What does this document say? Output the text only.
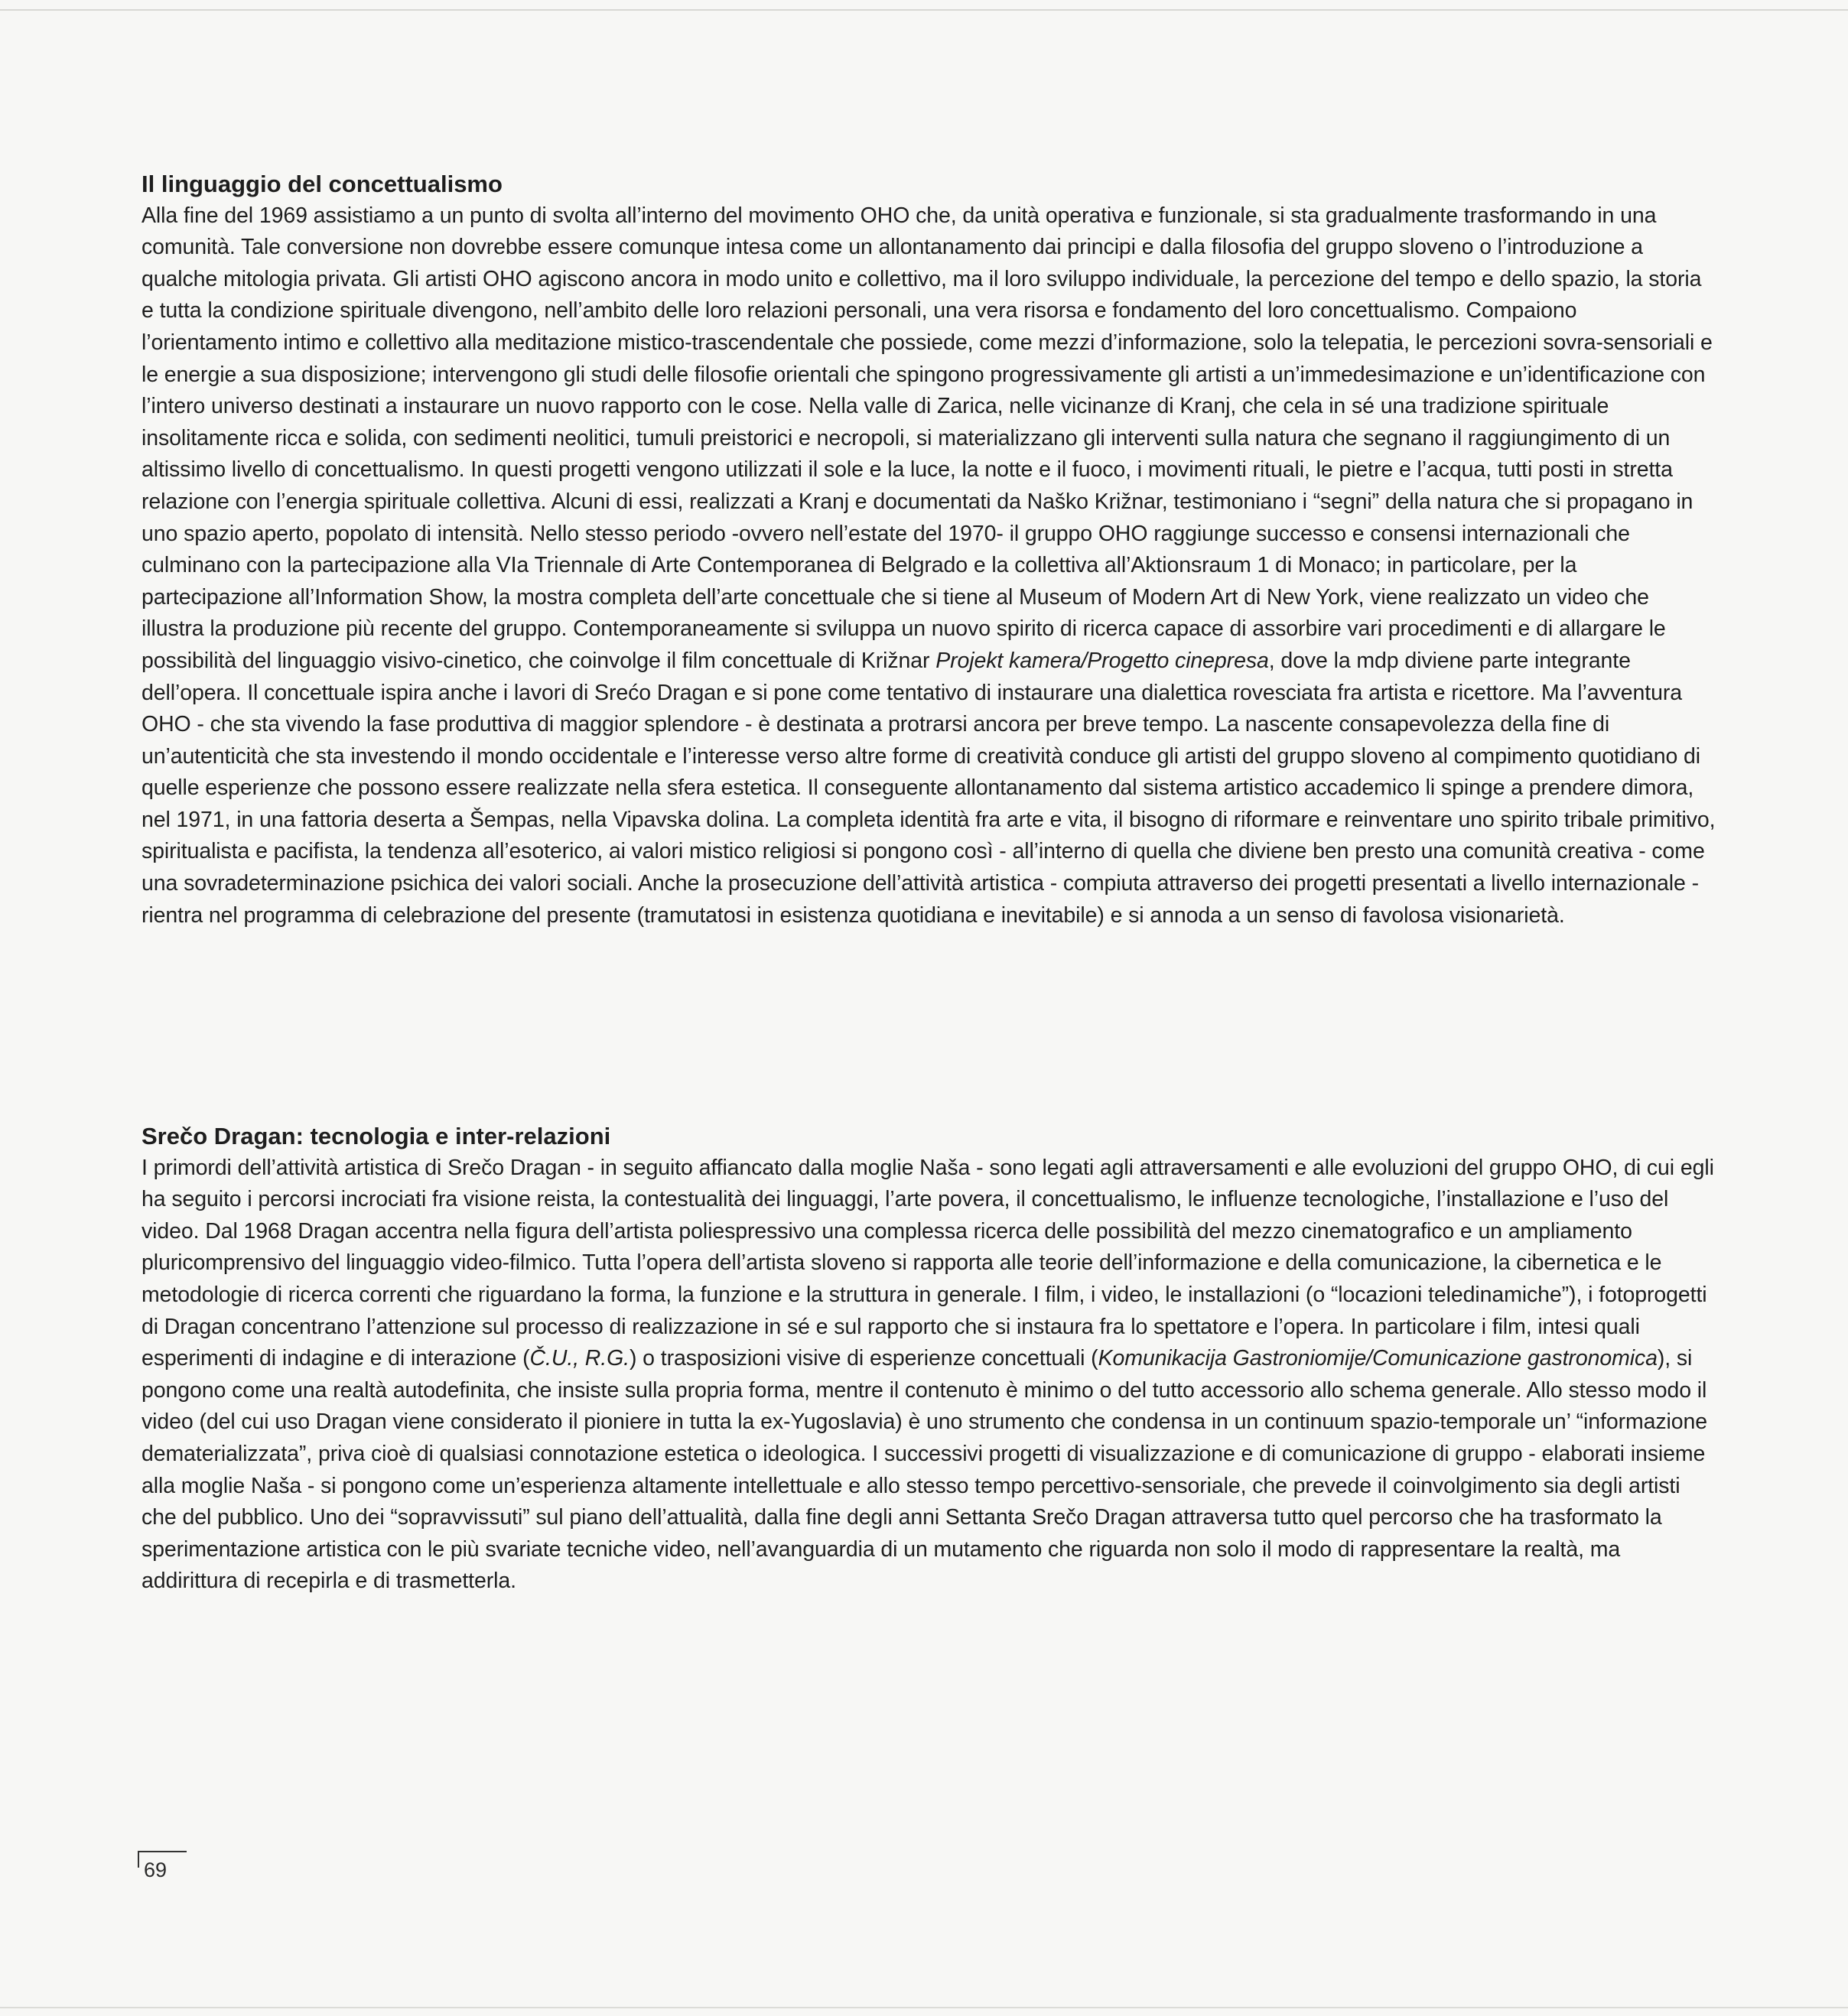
Il linguaggio del concettualismo

Alla fine del 1969 assistiamo a un punto di svolta all’interno del movimento OHO che, da unità operativa e funzionale, si sta gradualmente trasformando in una comunità. Tale conversione non dovrebbe essere comunque intesa come un allontanamento dai principi e dalla filosofia del gruppo sloveno o l’introduzione a qualche mitologia privata. Gli artisti OHO agiscono ancora in modo unito e collettivo, ma il loro sviluppo individuale, la percezione del tempo e dello spazio, la storia e tutta la condizione spirituale divengono, nell’ambito delle loro relazioni personali, una vera risorsa e fondamento del loro concettualismo. Compaiono l’orientamento intimo e collettivo alla meditazione mistico-trascendentale che possiede, come mezzi d’informazione, solo la telepatia, le percezioni sovra-sensoriali e le energie a sua disposizione; intervengono gli studi delle filosofie orientali che spingono progressivamente gli artisti a un’immedesimazione e un’identificazione con l’intero universo destinati a instaurare un nuovo rapporto con le cose. Nella valle di Zarica, nelle vicinanze di Kranj, che cela in sé una tradizione spirituale insolitamente ricca e solida, con sedimenti neolitici, tumuli preistorici e necropoli, si materializzano gli interventi sulla natura che segnano il raggiungimento di un altissimo livello di concettualismo. In questi progetti vengono utilizzati il sole e la luce, la notte e il fuoco, i movimenti rituali, le pietre e l’acqua, tutti posti in stretta relazione con l’energia spirituale collettiva. Alcuni di essi, realizzati a Kranj e documentati da Naško Križnar, testimoniano i “segni” della natura che si propagano in uno spazio aperto, popolato di intensità. Nello stesso periodo -ovvero nell’estate del 1970- il gruppo OHO raggiunge successo e consensi internazionali che culminano con la partecipazione alla VIa Triennale di Arte Contemporanea di Belgrado e la collettiva all’Aktionsraum 1 di Monaco; in particolare, per la partecipazione all’Information Show, la mostra completa dell’arte concettuale che si tiene al Museum of Modern Art di New York, viene realizzato un video che illustra la produzione più recente del gruppo. Contemporaneamente si sviluppa un nuovo spirito di ricerca capace di assorbire vari procedimenti e di allargare le possibilità del linguaggio visivo-cinetico, che coinvolge il film concettuale di Križnar Projekt kamera/Progetto cinepresa, dove la mdp diviene parte integrante dell’opera. Il concettuale ispira anche i lavori di Srećo Dragan e si pone come tentativo di instaurare una dialettica rovesciata fra artista e ricettore. Ma l’avventura OHO - che sta vivendo la fase produttiva di maggior splendore - è destinata a protrarsi ancora per breve tempo. La nascente consapevolezza della fine di un’autenticità che sta investendo il mondo occidentale e l’interesse verso altre forme di creatività conduce gli artisti del gruppo sloveno al compimento quotidiano di quelle esperienze che possono essere realizzate nella sfera estetica. Il conseguente allontanamento dal sistema artistico accademico li spinge a prendere dimora, nel 1971, in una fattoria deserta a Šempas, nella Vipavska dolina. La completa identità fra arte e vita, il bisogno di riformare e reinventare uno spirito tribale primitivo, spiritualista e pacifista, la tendenza all’esoterico, ai valori mistico religiosi si pongono così - all’interno di quella che diviene ben presto una comunità creativa - come una sovradeterminazione psichica dei valori sociali. Anche la prosecuzione dell’attività artistica - compiuta attraverso dei progetti presentati a livello internazionale - rientra nel programma di celebrazione del presente (tramutatosi in esistenza quotidiana e inevitabile) e si annoda a un senso di favolosa visionarietà.

Srečo Dragan: tecnologia e inter-relazioni

I primordi dell’attività artistica di Srečo Dragan - in seguito affiancato dalla moglie Naša - sono legati agli attraversamenti e alle evoluzioni del gruppo OHO, di cui egli ha seguito i percorsi incrociati fra visione reista, la contestualità dei linguaggi, l’arte povera, il concettualismo, le influenze tecnologiche, l’installazione e l’uso del video. Dal 1968 Dragan accentra nella figura dell’artista poliespressivo una complessa ricerca delle possibilità del mezzo cinematografico e un ampliamento pluricomprensivo del linguaggio video-filmico. Tutta l’opera dell’artista sloveno si rapporta alle teorie dell’informazione e della comunicazione, la cibernetica e le metodologie di ricerca correnti che riguardano la forma, la funzione e la struttura in generale. I film, i video, le installazioni (o “locazioni teledinamiche”), i fotoprogetti di Dragan concentrano l’attenzione sul processo di realizzazione in sé e sul rapporto che si instaura fra lo spettatore e l’opera. In particolare i film, intesi quali esperimenti di indagine e di interazione (Č.U., R.G.) o trasposizioni visive di esperienze concettuali (Komunikacija Gastroniomije/Comunicazione gastronomica), si pongono come una realtà autodefinita, che insiste sulla propria forma, mentre il contenuto è minimo o del tutto accessorio allo schema generale. Allo stesso modo il video (del cui uso Dragan viene considerato il pioniere in tutta la ex-Yugoslavia) è uno strumento che condensa in un continuum spazio-temporale un’ “informazione dematerializzata”, priva cioè di qualsiasi connotazione estetica o ideologica. I successivi progetti di visualizzazione e di comunicazione di gruppo - elaborati insieme alla moglie Naša - si pongono come un’esperienza altamente intellettuale e allo stesso tempo percettivo-sensoriale, che prevede il coinvolgimento sia degli artisti che del pubblico. Uno dei “sopravvissuti” sul piano dell’attualità, dalla fine degli anni Settanta Srečo Dragan attraversa tutto quel percorso che ha trasformato la sperimentazione artistica con le più svariate tecniche video, nell’avanguardia di un mutamento che riguarda non solo il modo di rappresentare la realtà, ma addirittura di recepirla e di trasmetterla.

69
